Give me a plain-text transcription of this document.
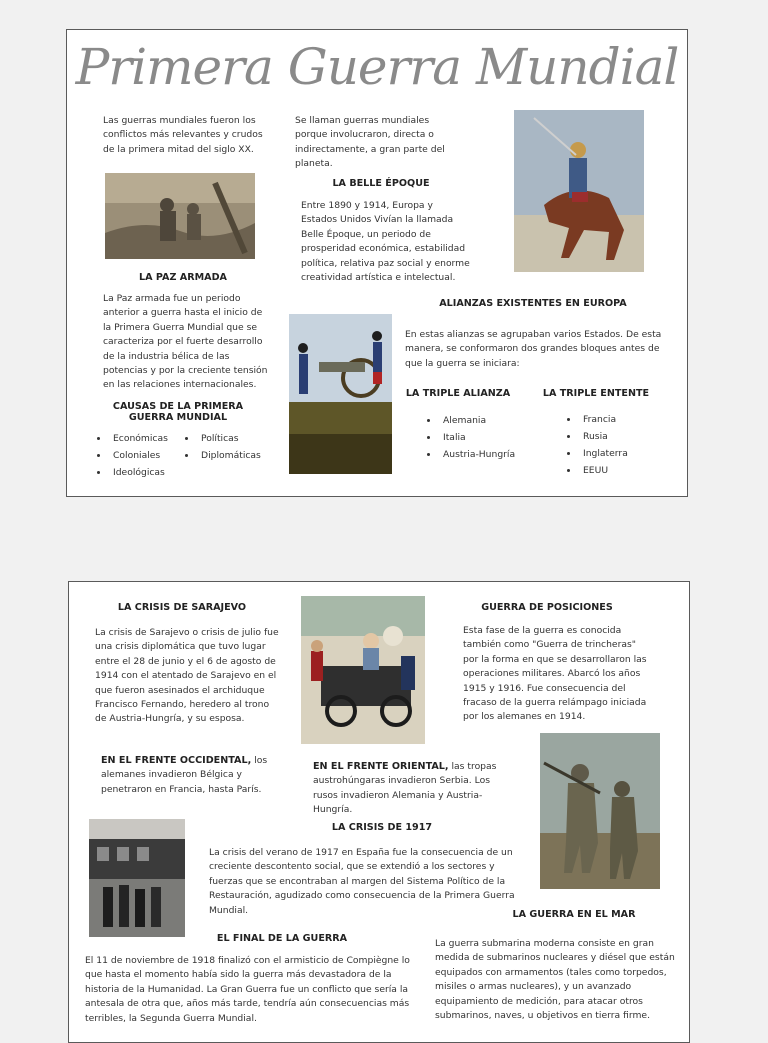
Primera Guerra Mundial
Las guerras mundiales fueron los conflictos más relevantes y crudos de la primera mitad del siglo XX.
Se llaman guerras mundiales porque involucraron, directa o indirectamente, a gran parte del planeta.
LA BELLE ÉPOQUE
Entre 1890 y 1914, Europa y Estados Unidos Vivían la llamada Belle Époque, un periodo de prosperidad económica, estabilidad política, relativa paz social y enorme creatividad artística e intelectual.
LA PAZ ARMADA
La Paz armada fue un periodo anterior a guerra hasta el inicio de la Primera Guerra Mundial que se caracteriza por el fuerte desarrollo de la industria bélica de las potencias y por la creciente tensión en las relaciones internacionales.
ALIANZAS EXISTENTES EN EUROPA
En estas alianzas se agrupaban varios Estados. De esta manera, se conformaron dos grandes bloques antes de que la guerra se iniciara:
CAUSAS DE LA PRIMERA GUERRA MUNDIAL
• Económicas
• Coloniales
• Ideológicas
• Políticas
• Diplomáticas
LA TRIPLE ALIANZA
• Alemania
• Italia
• Austria-Hungría
LA TRIPLE ENTENTE
• Francia
• Rusia
• Inglaterra
• EEUU
LA CRISIS DE SARAJEVO
La crisis de Sarajevo o crisis de julio fue una crisis diplomática que tuvo lugar entre el 28 de junio y el 6 de agosto de 1914 con el atentado de Sarajevo en el que fueron asesinados el archiduque Francisco Fernando, heredero al trono de Austria-Hungría, y su esposa.
GUERRA DE POSICIONES
Esta fase de la guerra es conocida también como "Guerra de trincheras" por la forma en que se desarrollaron las operaciones militares. Abarcó los años 1915 y 1916. Fue consecuencia del fracaso de la guerra relámpago iniciada por los alemanes en 1914.
EN EL FRENTE OCCIDENTAL, los alemanes invadieron Bélgica y penetraron en Francia, hasta París.
EN EL FRENTE ORIENTAL, las tropas austrohúngaras invadieron Serbia. Los rusos invadieron Alemania y Austria-Hungría.
LA CRISIS DE 1917
La crisis del verano de 1917 en España fue la consecuencia de un creciente descontento social, que se extendió a los sectores y fuerzas que se encontraban al margen del Sistema Político de la Restauración, agudizado como consecuencia de la Primera Guerra Mundial.	LA GUERRA EN EL MAR
EL FINAL DE LA GUERRA	La guerra submarina moderna consiste en gran medida de submarinos nucleares y diésel que están equipados con armamentos (tales como torpedos, misiles o armas nucleares), y un avanzado equipamiento de medición, para atacar otros submarinos, naves, u objetivos en tierra firme.
El 11 de noviembre de 1918 finalizó con el armisticio de Compiègne lo que hasta el momento había sido la guerra más devastadora de la historia de la Humanidad. La Gran Guerra fue un conflicto que sería la antesala de otra que, años más tarde, tendría aún consecuencias más terribles, la Segunda Guerra Mundial.
